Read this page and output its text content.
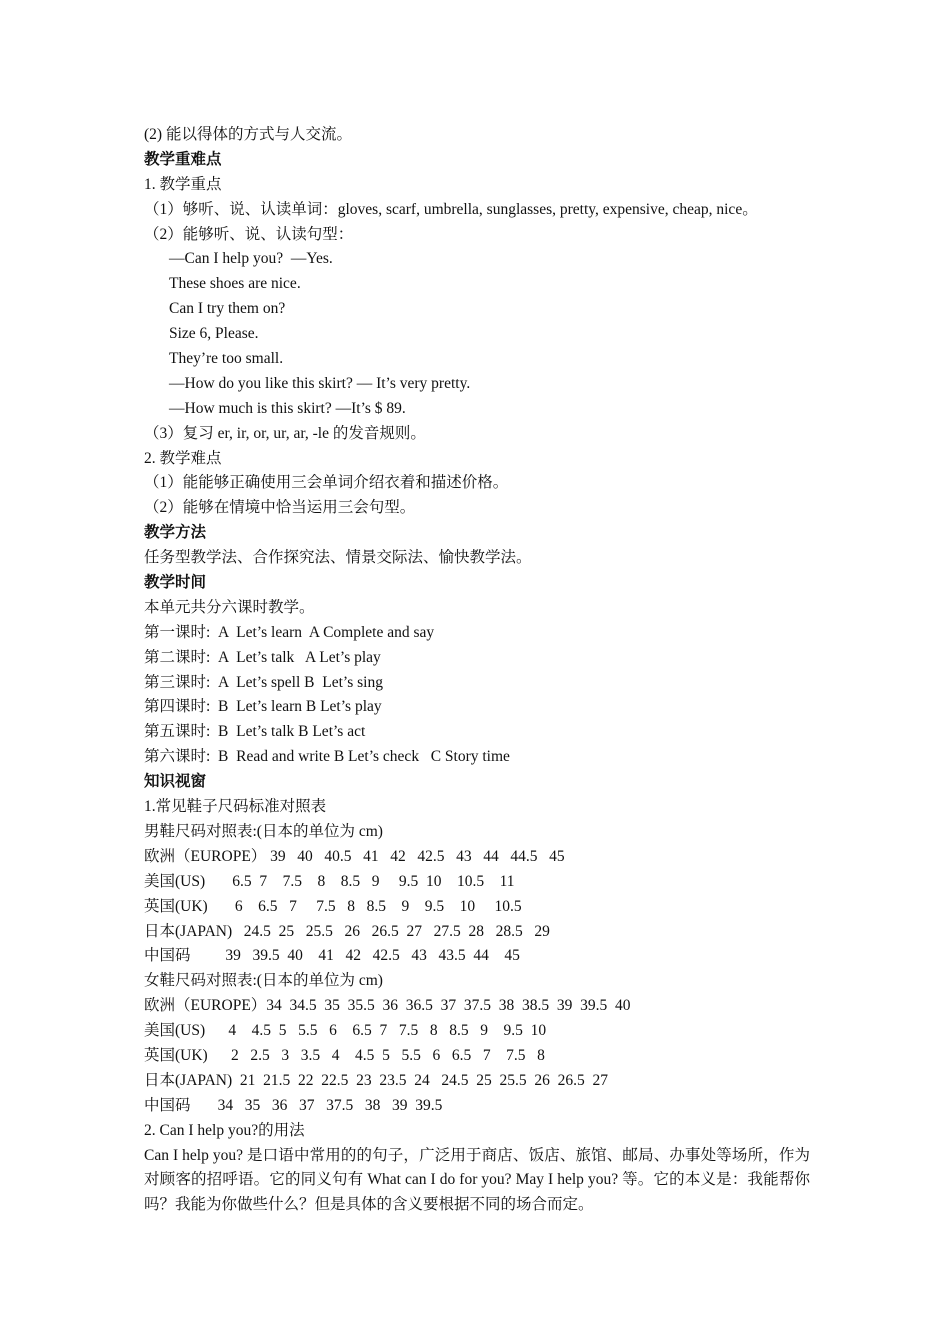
(2) 能以得体的方式与人交流。
教学重难点
1. 教学重点
（1）够听、说、认读单词：gloves, scarf, umbrella, sunglasses, pretty, expensive, cheap, nice。
（2）能够听、说、认读句型：
—Can I help you?  —Yes.
These shoes are nice.
Can I try them on?
Size 6, Please.
They’re too small.
—How do you like this skirt? — It’s very pretty.
—How much is this skirt? —It’s $ 89.
（3）复习 er, ir, or, ur, ar, -le 的发音规则。
2. 教学难点
（1）能能够正确使用三会单词介绍衣着和描述价格。
（2）能够在情境中恰当运用三会句型。
教学方法
任务型教学法、合作探究法、情景交际法、愉快教学法。
教学时间
本单元共分六课时教学。
第一课时:  A  Let’s learn  A Complete and say
第二课时:  A  Let’s talk   A Let’s play
第三课时:  A  Let’s spell B  Let’s sing
第四课时:  B  Let’s learn B Let’s play
第五课时:  B  Let’s talk B Let’s act
第六课时:  B  Read and write B Let’s check   C Story time
知识视窗
1.常见鞋子尺码标准对照表
男鞋尺码对照表:(日本的单位为 cm)
欧洲（EUROPE） 39   40   40.5   41   42   42.5   43   44   44.5   45
美国(US)       6.5  7    7.5    8    8.5   9     9.5  10    10.5    11
英国(UK)       6    6.5   7     7.5   8   8.5    9    9.5    10     10.5
日本(JAPAN)   24.5  25   25.5   26   26.5  27   27.5  28   28.5   29
中国码         39   39.5  40    41   42   42.5   43   43.5  44    45
女鞋尺码对照表:(日本的单位为 cm)
欧洲（EUROPE）34  34.5  35  35.5  36  36.5  37  37.5  38  38.5  39  39.5  40
美国(US)      4    4.5  5   5.5   6    6.5  7   7.5   8   8.5   9    9.5  10
英国(UK)      2   2.5   3   3.5   4    4.5  5   5.5   6   6.5   7    7.5   8
日本(JAPAN)  21  21.5  22  22.5  23  23.5  24   24.5  25  25.5  26  26.5  27
中国码       34   35   36   37   37.5   38   39  39.5
2. Can I help you?的用法

Can I help you? 是口语中常用的的句子，广泛用于商店、饭店、旅馆、邮局、办事处等场所，作为对顾客的招呼语。它的同义句有 What can I do for you? May I help you? 等。它的本义是：我能帮你吗？我能为你做些什么？但是具体的含义要根据不同的场合而定。
